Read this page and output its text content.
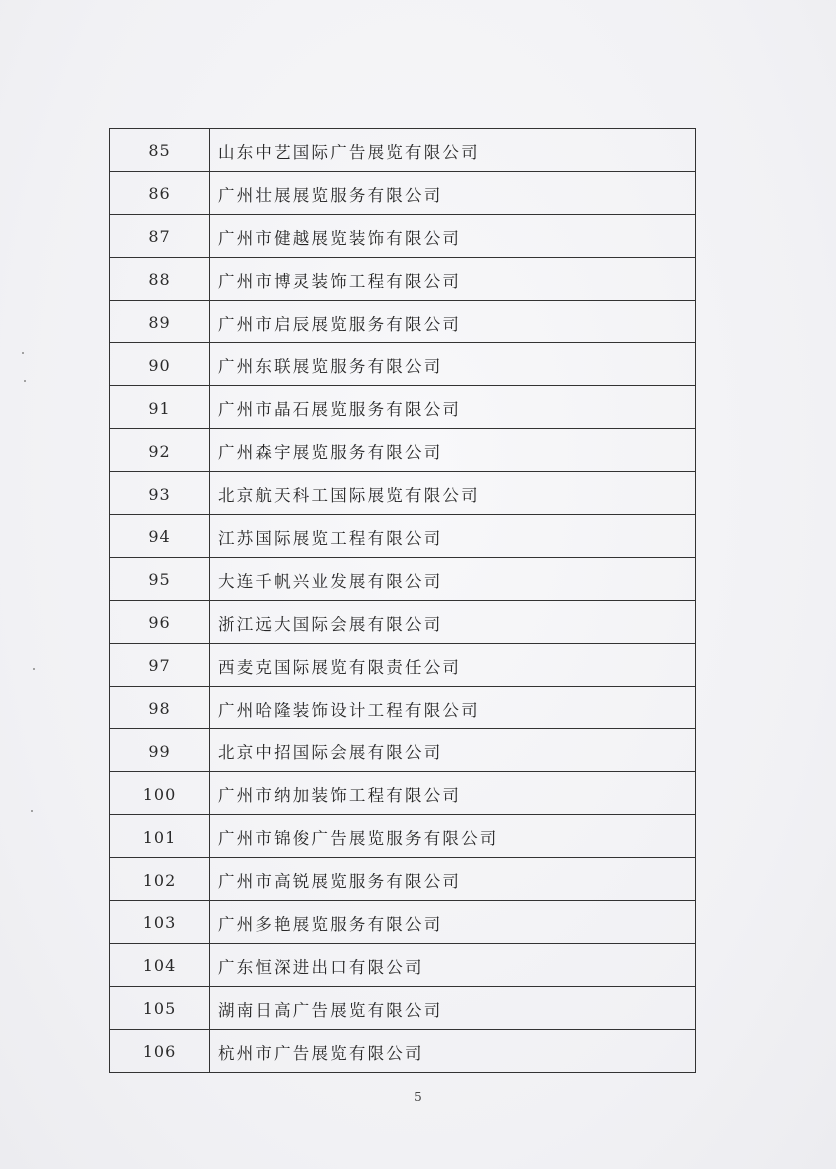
85	山东中艺国际广告展览有限公司
86	广州壮展展览服务有限公司
87	广州市健越展览装饰有限公司
88	广州市博灵装饰工程有限公司
89	广州市启辰展览服务有限公司
90	广州东联展览服务有限公司
91	广州市晶石展览服务有限公司
92	广州森宇展览服务有限公司
93	北京航天科工国际展览有限公司
94	江苏国际展览工程有限公司
95	大连千帆兴业发展有限公司
96	浙江远大国际会展有限公司
97	西麦克国际展览有限责任公司
98	广州哈隆装饰设计工程有限公司
99	北京中招国际会展有限公司
100	广州市纳加装饰工程有限公司
101	广州市锦俊广告展览服务有限公司
102	广州市高锐展览服务有限公司
103	广州多艳展览服务有限公司
104	广东恒深进出口有限公司
105	湖南日高广告展览有限公司
106	杭州市广告展览有限公司
5
